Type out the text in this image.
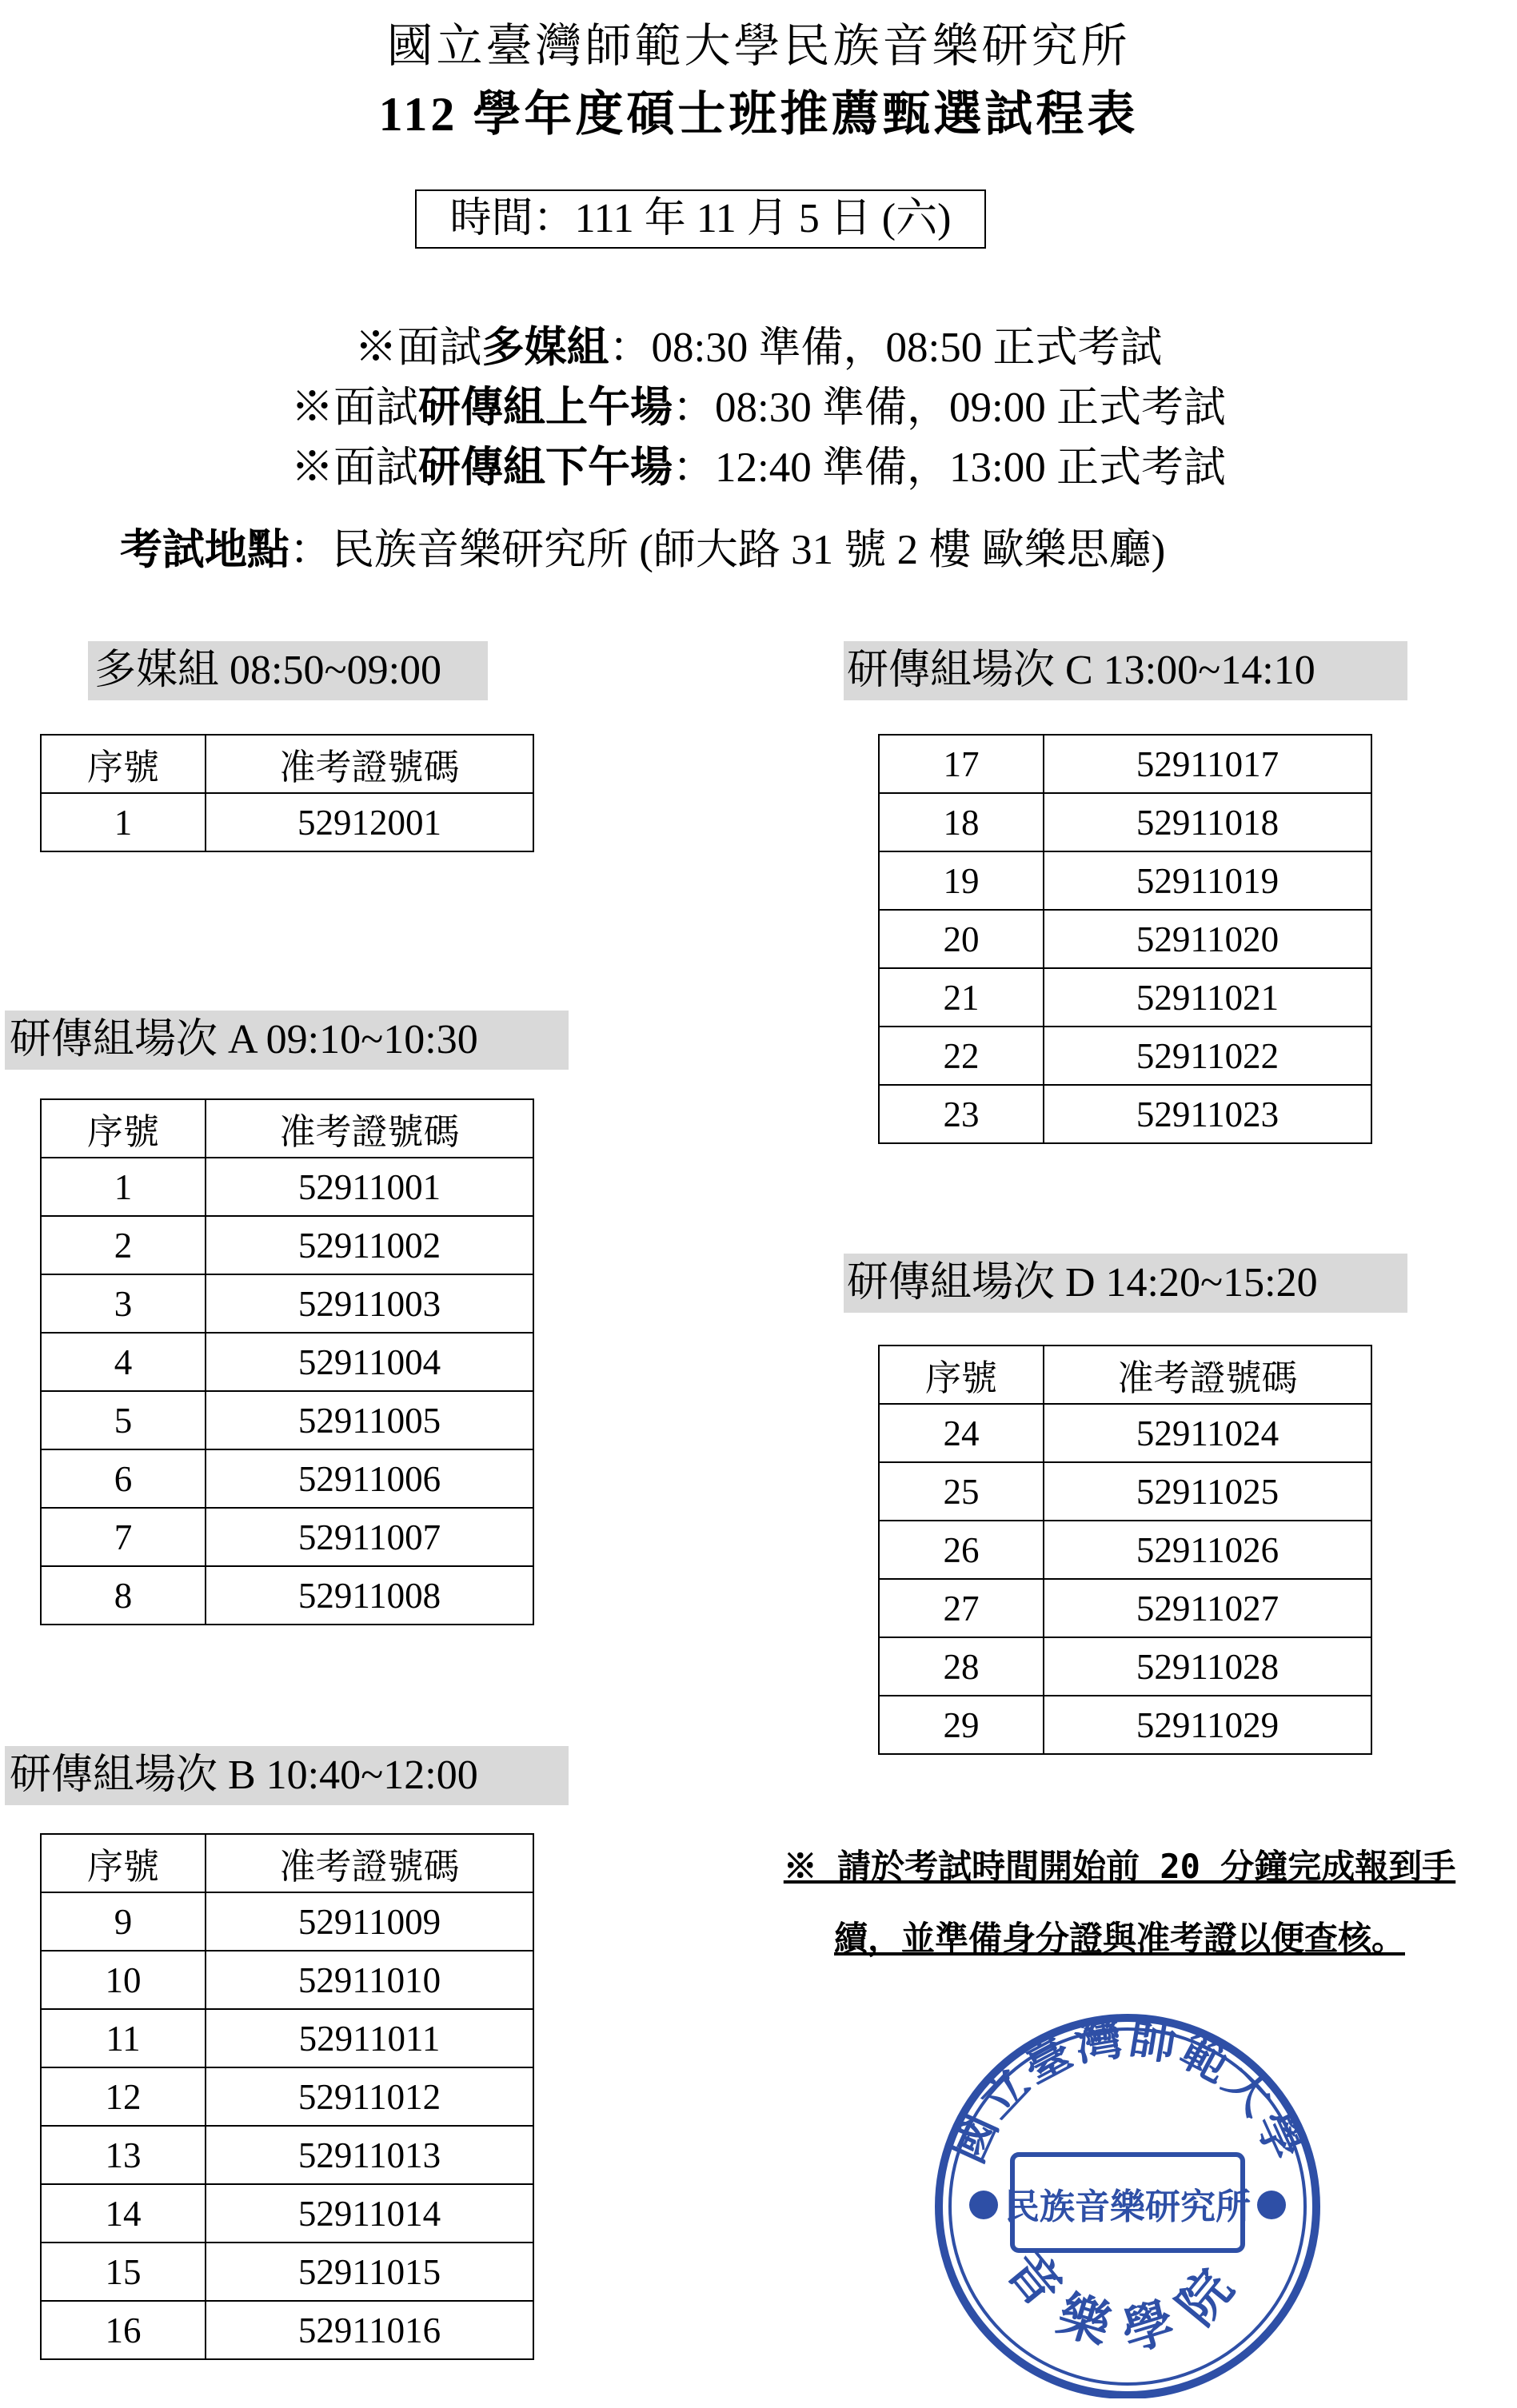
國立臺灣師範大學民族音樂研究所
112 學年度碩士班推薦甄選試程表
時間：111 年 11 月 5 日 (六)
※面試多媒組：08:30 準備，08:50 正式考試
※面試研傳組上午場：08:30 準備，09:00 正式考試
※面試研傳組下午場：12:40 準備，13:00 正式考試
考試地點：民族音樂研究所 (師大路 31 號 2 樓 歐樂思廳)
多媒組 08:50~09:00
序號	准考證號碼
1	52912001
研傳組場次 A 09:10~10:30
序號	准考證號碼
1	52911001
2	52911002
3	52911003
4	52911004
5	52911005
6	52911006
7	52911007
8	52911008
研傳組場次 B 10:40~12:00
序號	准考證號碼
9	52911009
10	52911010
11	52911011
12	52911012
13	52911013
14	52911014
15	52911015
16	52911016
研傳組場次 C 13:00~14:10
17	52911017
18	52911018
19	52911019
20	52911020
21	52911021
22	52911022
23	52911023
研傳組場次 D 14:20~15:20
序號	准考證號碼
24	52911024
25	52911025
26	52911026
27	52911027
28	52911028
29	52911029
※ 請於考試時間開始前 20 分鐘完成報到手
續，並準備身分證與准考證以便查核。
國立臺灣師範大學
民族音樂研究所
音樂學院
